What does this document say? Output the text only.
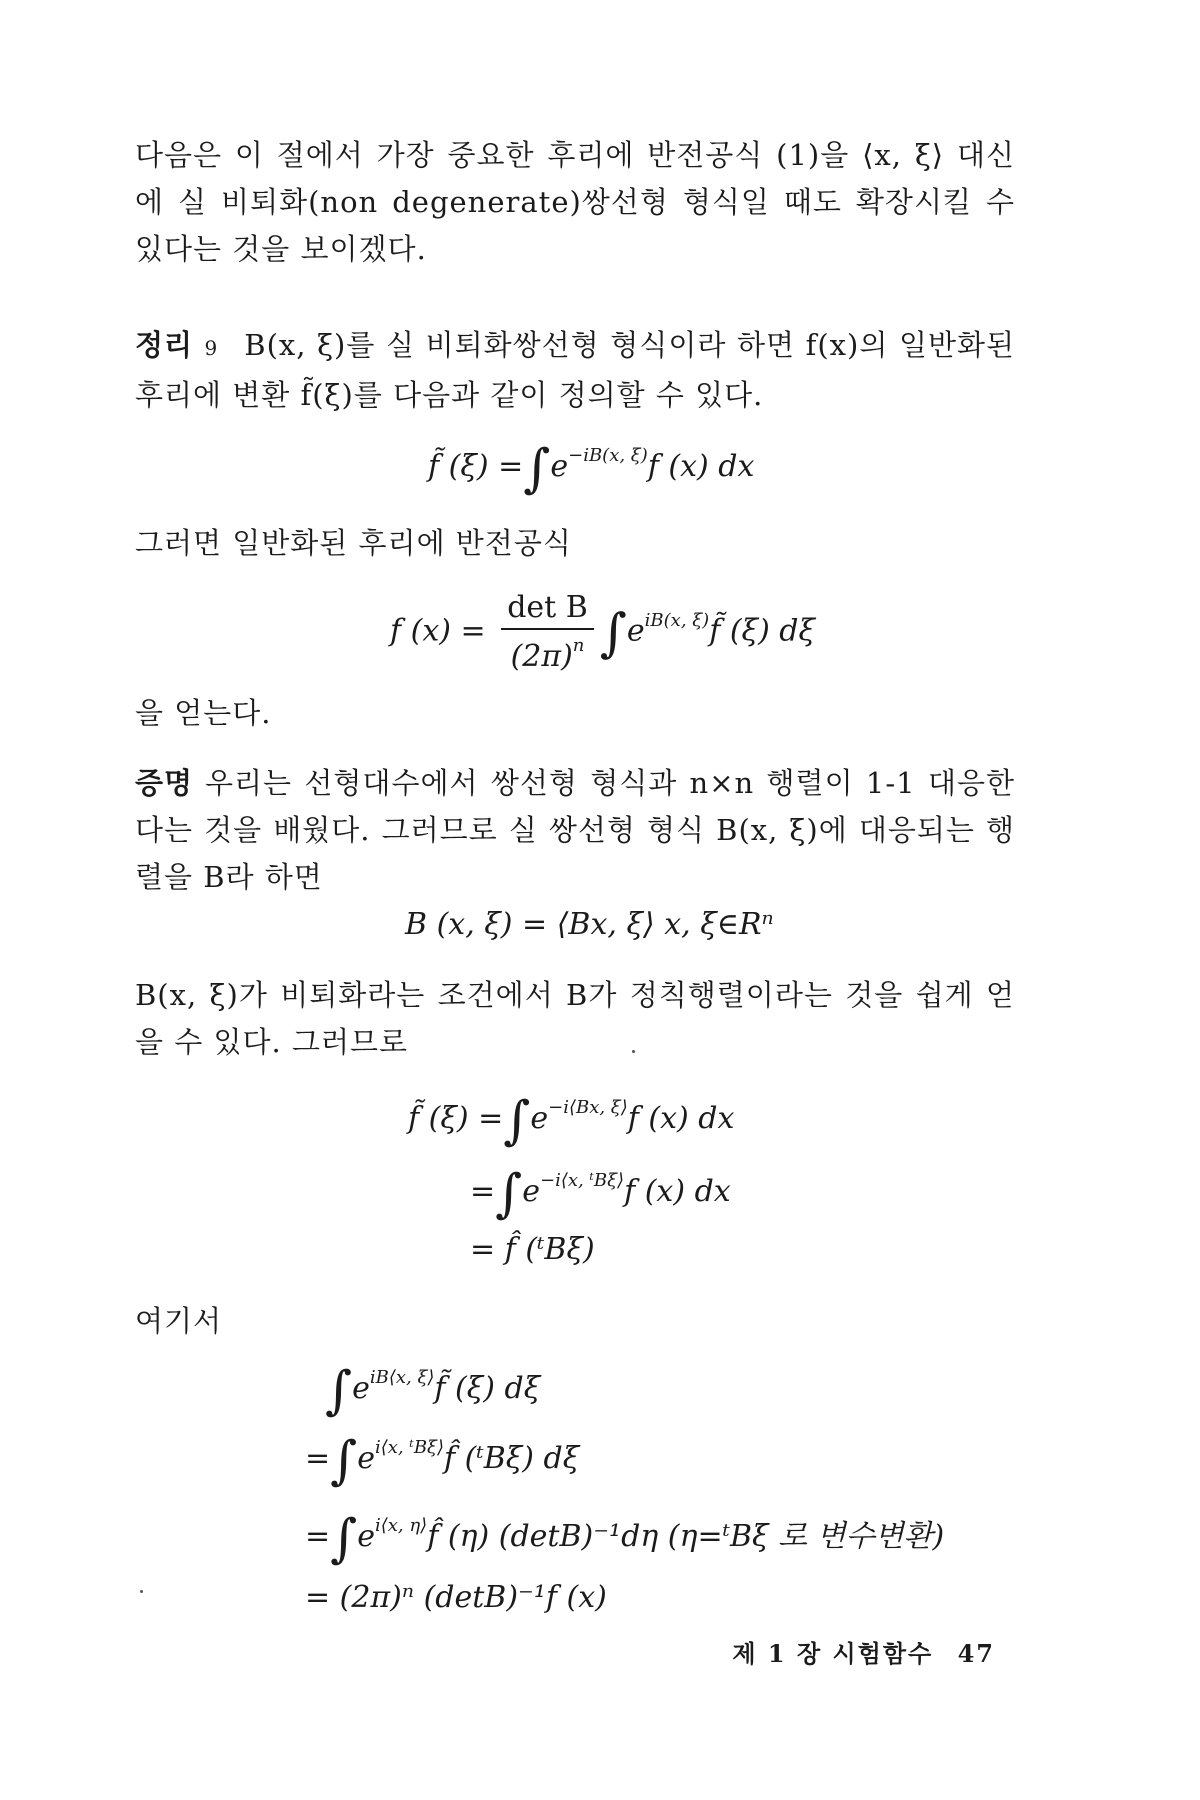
다음은 이 절에서 가장 중요한 후리에 반전공식 (1)을 ⟨x, ξ⟩ 대신에 실 비퇴화(non degenerate)쌍선형 형식일 때도 확장시킬 수 있다는 것을 보이겠다.
정리 9 B(x, ξ)를 실 비퇴화쌍선형 형식이라 하면 f(x)의 일반화된 후리에 변환 f̃(ξ)를 다음과 같이 정의할 수 있다.
f̃ $(\xi) =\int e^{-iB(x, \xi)}f$ (x) dx
그러면 일반화된 후리에 반전공식
f $(x) = \frac{\text{det B}}{(2\pi)^n}$ $\int e^{iB(x, \xi)}f̃$ (ξ) dξ
을 얻는다.
증명 우리는 선형대수에서 쌍선형 형식과 n×n 행렬이 1-1 대응한다는 것을 배웠다. 그러므로 실 쌍선형 형식 B(x, ξ)에 대응되는 행렬을 B라 하면
B (x, ξ) = ⟨Bx, ξ⟩ x, ξ∈Rⁿ
B(x, ξ)가 비퇴화라는 조건에서 B가 정칙행렬이라는 것을 쉽게 얻을 수 있다. 그러므로
f̃ $(\xi) =\int e^{-i⟨Bx, \xi⟩}f$ (x) dx
$=\int e^{-i⟨x, ᵗB\xi⟩}f$ (x) dx
= f̂ (ᵗBξ)
여기서
$\int e^{iB⟨x, \xi⟩}f̃$ (ξ) dξ
$=\int e^{i⟨x, ᵗB\xi⟩}f̂$ (ᵗBξ) dξ
$=\int e^{i⟨x, \eta⟩}f̂$ (η) (detB)⁻¹dη (η=ᵗBξ 로 변수변환)
= (2π)ⁿ (detB)⁻¹f (x)
제 1 장 시험함수 47
